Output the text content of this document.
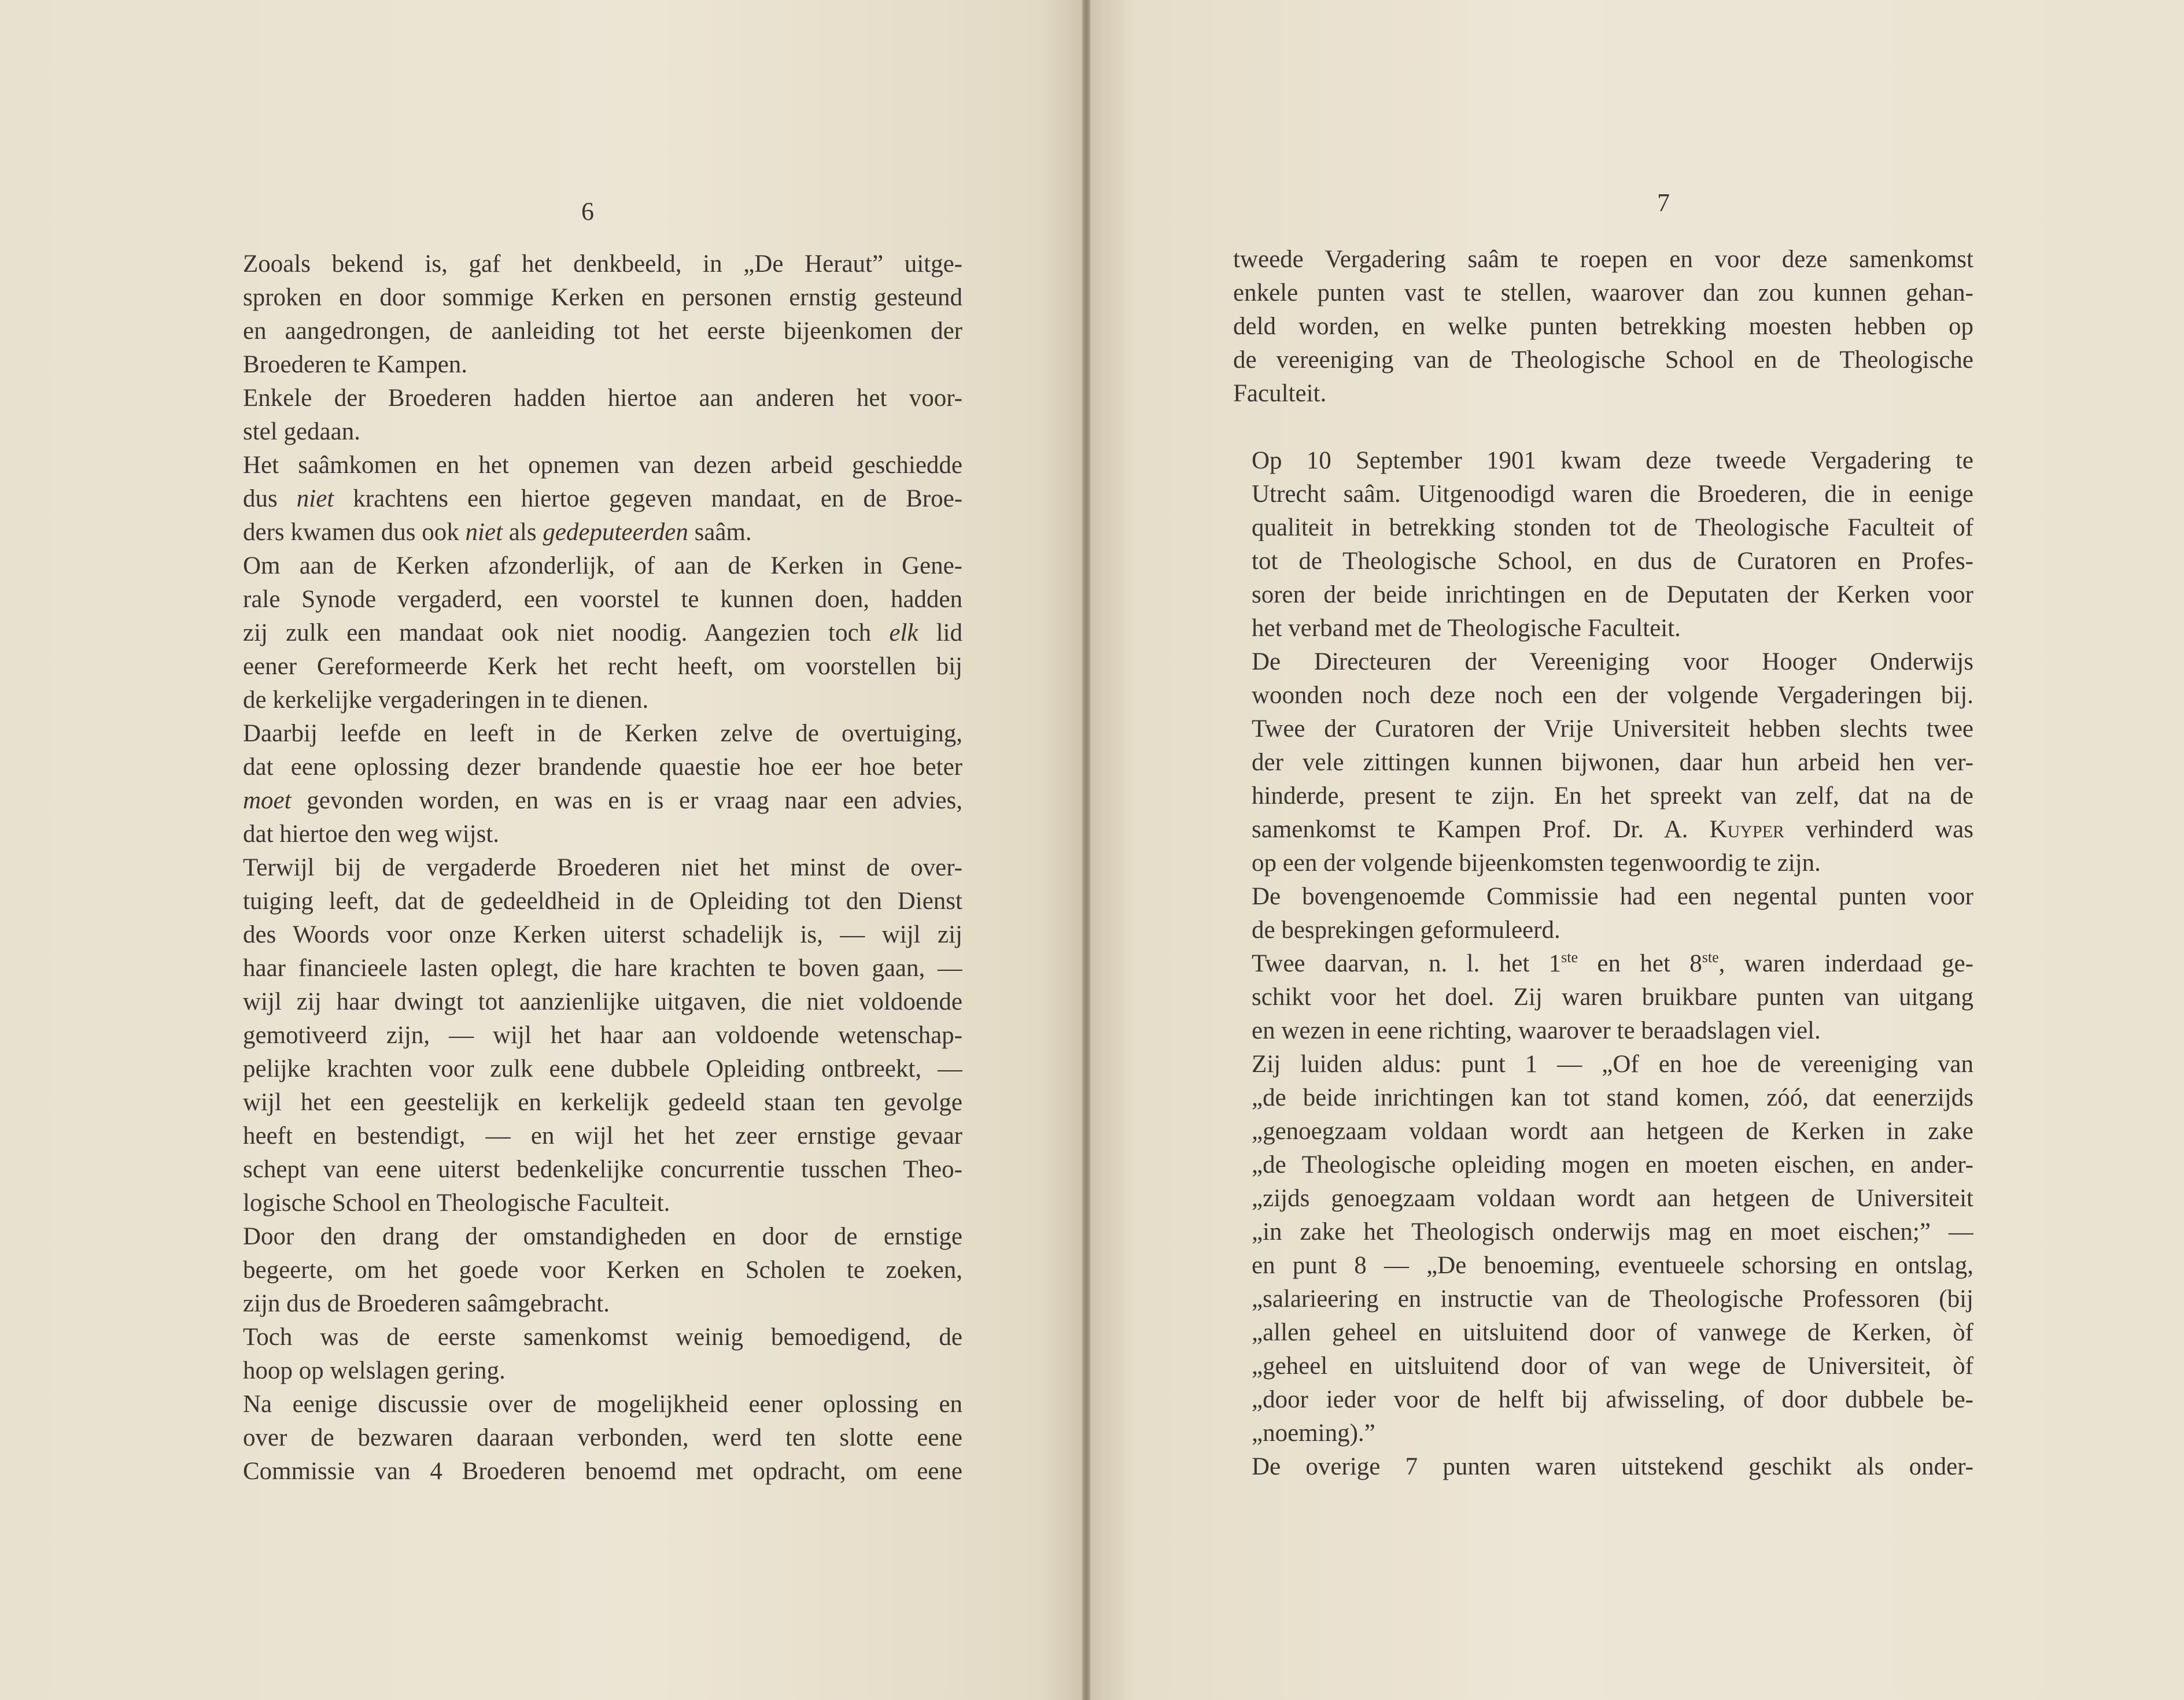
6

Zooals bekend is, gaf het denkbeeld, in „De Heraut” uitge-
sproken en door sommige Kerken en personen ernstig gesteund
en aangedrongen, de aanleiding tot het eerste bijeenkomen der
Broederen te Kampen.

Enkele der Broederen hadden hiertoe aan anderen het voor-
stel gedaan.

Het saâmkomen en het opnemen van dezen arbeid geschiedde
dus niet krachtens een hiertoe gegeven mandaat, en de Broe-
ders kwamen dus ook niet als gedeputeerden saâm.

Om aan de Kerken afzonderlijk, of aan de Kerken in Gene-
rale Synode vergaderd, een voorstel te kunnen doen, hadden
zij zulk een mandaat ook niet noodig. Aangezien toch elk lid
eener Gereformeerde Kerk het recht heeft, om voorstellen bij
de kerkelijke vergaderingen in te dienen.

Daarbij leefde en leeft in de Kerken zelve de overtuiging,
dat eene oplossing dezer brandende quaestie hoe eer hoe beter
moet gevonden worden, en was en is er vraag naar een advies,
dat hiertoe den weg wijst.

Terwijl bij de vergaderde Broederen niet het minst de over-
tuiging leeft, dat de gedeeldheid in de Opleiding tot den Dienst
des Woords voor onze Kerken uiterst schadelijk is, — wijl zij
haar financieele lasten oplegt, die hare krachten te boven gaan, —
wijl zij haar dwingt tot aanzienlijke uitgaven, die niet voldoende
gemotiveerd zijn, — wijl het haar aan voldoende wetenschap-
pelijke krachten voor zulk eene dubbele Opleiding ontbreekt, —
wijl het een geestelijk en kerkelijk gedeeld staan ten gevolge
heeft en bestendigt, — en wijl het het zeer ernstige gevaar
schept van eene uiterst bedenkelijke concurrentie tusschen Theo-
logische School en Theologische Faculteit.

Door den drang der omstandigheden en door de ernstige
begeerte, om het goede voor Kerken en Scholen te zoeken,
zijn dus de Broederen saâmgebracht.

Toch was de eerste samenkomst weinig bemoedigend, de
hoop op welslagen gering.

Na eenige discussie over de mogelijkheid eener oplossing en
over de bezwaren daaraan verbonden, werd ten slotte eene
Commissie van 4 Broederen benoemd met opdracht, om eene

7

tweede Vergadering saâm te roepen en voor deze samenkomst
enkele punten vast te stellen, waarover dan zou kunnen gehan-
deld worden, en welke punten betrekking moesten hebben op
de vereeniging van de Theologische School en de Theologische
Faculteit.

Op 10 September 1901 kwam deze tweede Vergadering te
Utrecht saâm. Uitgenoodigd waren die Broederen, die in eenige
qualiteit in betrekking stonden tot de Theologische Faculteit of
tot de Theologische School, en dus de Curatoren en Profes-
soren der beide inrichtingen en de Deputaten der Kerken voor
het verband met de Theologische Faculteit.

De Directeuren der Vereeniging voor Hooger Onderwijs
woonden noch deze noch een der volgende Vergaderingen bij.
Twee der Curatoren der Vrije Universiteit hebben slechts twee
der vele zittingen kunnen bijwonen, daar hun arbeid hen ver-
hinderde, present te zijn. En het spreekt van zelf, dat na de
samenkomst te Kampen Prof. Dr. A. Kuyper verhinderd was
op een der volgende bijeenkomsten tegenwoordig te zijn.

De bovengenoemde Commissie had een negental punten voor
de besprekingen geformuleerd.

Twee daarvan, n. l. het 1ste en het 8ste, waren inderdaad ge-
schikt voor het doel. Zij waren bruikbare punten van uitgang
en wezen in eene richting, waarover te beraadslagen viel.

Zij luiden aldus: punt 1 — „Of en hoe de vereeniging van
„de beide inrichtingen kan tot stand komen, zóó, dat eenerzijds
„genoegzaam voldaan wordt aan hetgeen de Kerken in zake
„de Theologische opleiding mogen en moeten eischen, en ander-
„zijds genoegzaam voldaan wordt aan hetgeen de Universiteit
„in zake het Theologisch onderwijs mag en moet eischen;” —
en punt 8 — „De benoeming, eventueele schorsing en ontslag,
„salarieering en instructie van de Theologische Professoren (bij
„allen geheel en uitsluitend door of vanwege de Kerken, òf
„geheel en uitsluitend door of van wege de Universiteit, òf
„door ieder voor de helft bij afwisseling, of door dubbele be-
„noeming).”

De overige 7 punten waren uitstekend geschikt als onder-
